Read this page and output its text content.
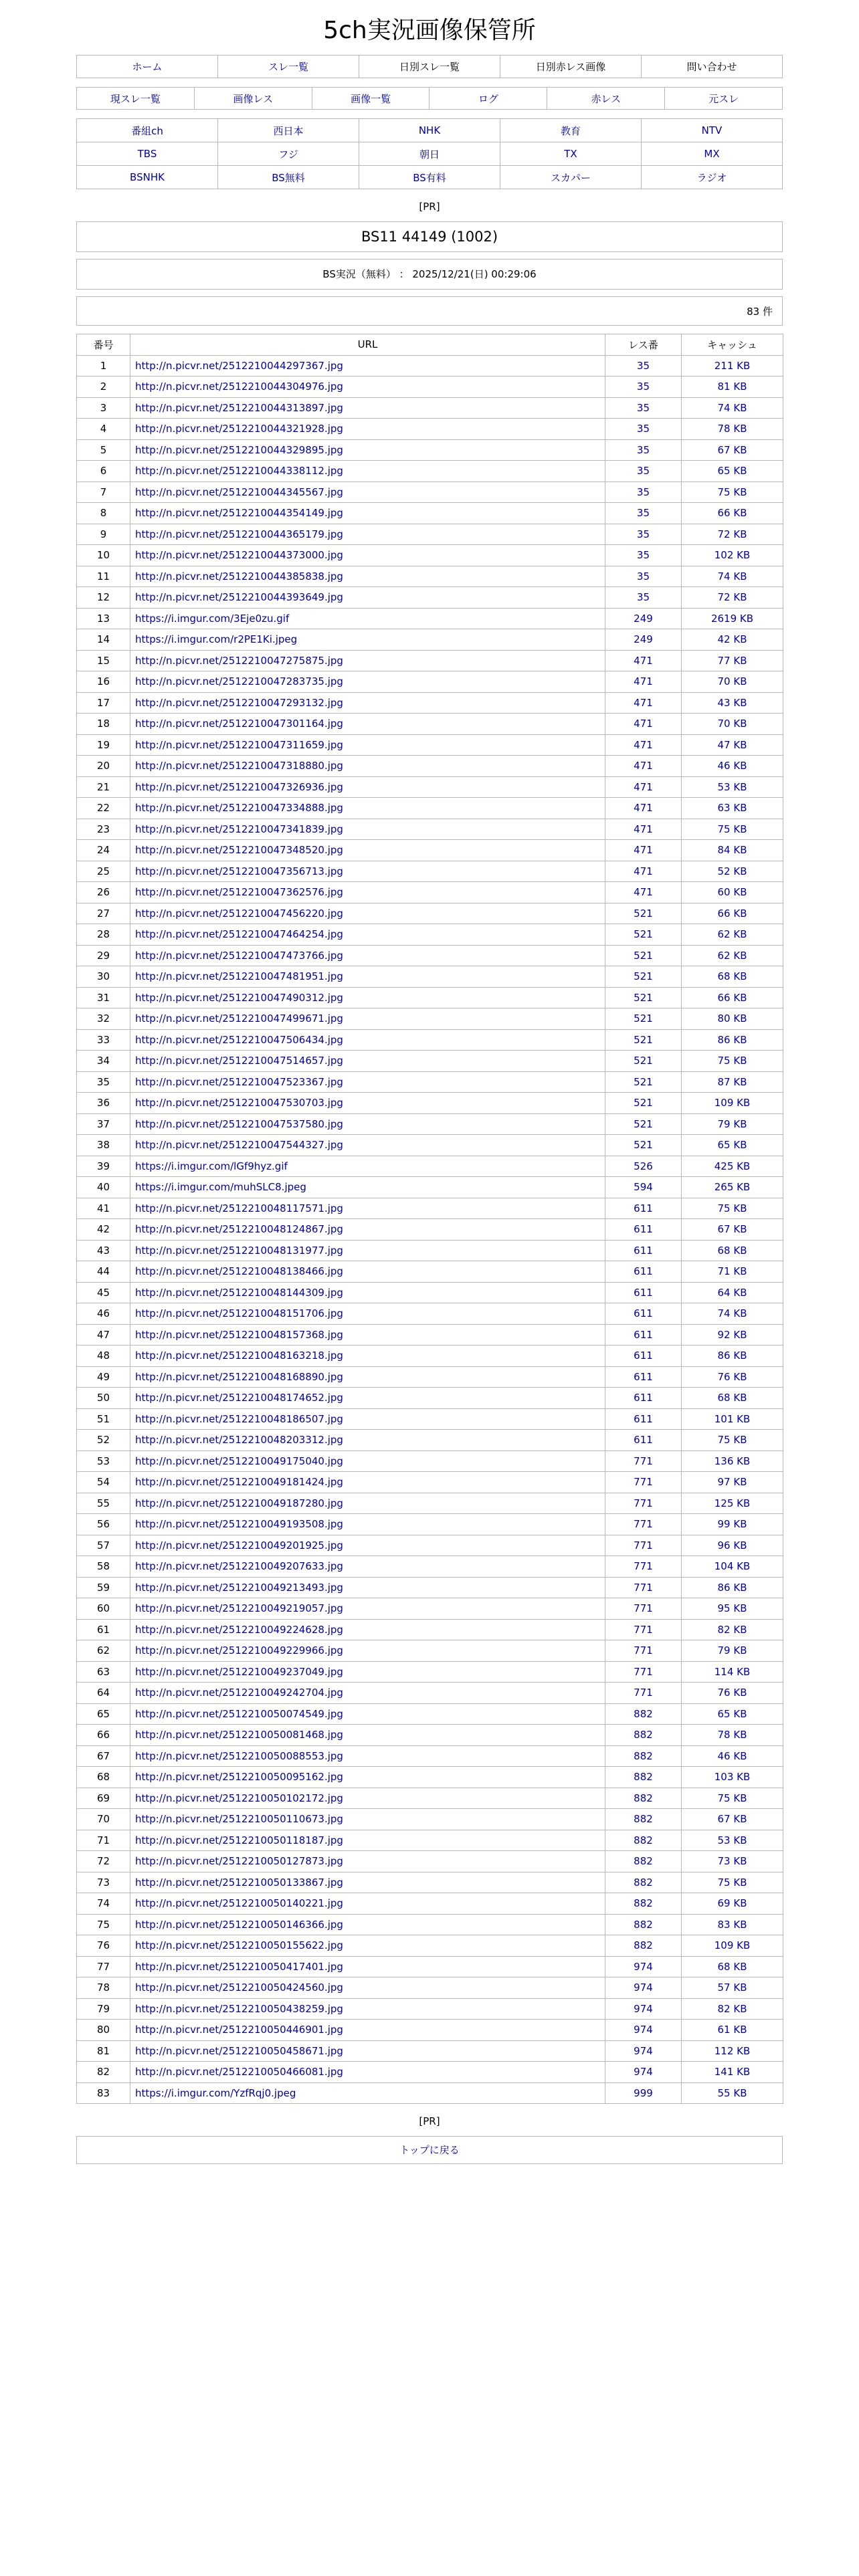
5ch実況画像保管所
ホーム	スレ一覧	日別スレ一覧	日別赤レス画像	問い合わせ
現スレ一覧	画像レス	画像一覧	ログ	赤レス	元スレ
番組ch	西日本	NHK	教育	NTV
TBS	フジ	朝日	TX	MX
BSNHK	BS無料	BS有料	スカパー	ラジオ
[PR]
BS11 44149 (1002)
BS実況（無料） ： 2025/12/21(日) 00:29:06
83 件
番号	URL	レス番	キャッシュ
1	http://n.picvr.net/2512210044297367.jpg	35	211 KB
2	http://n.picvr.net/2512210044304976.jpg	35	81 KB
3	http://n.picvr.net/2512210044313897.jpg	35	74 KB
4	http://n.picvr.net/2512210044321928.jpg	35	78 KB
5	http://n.picvr.net/2512210044329895.jpg	35	67 KB
6	http://n.picvr.net/2512210044338112.jpg	35	65 KB
7	http://n.picvr.net/2512210044345567.jpg	35	75 KB
8	http://n.picvr.net/2512210044354149.jpg	35	66 KB
9	http://n.picvr.net/2512210044365179.jpg	35	72 KB
10	http://n.picvr.net/2512210044373000.jpg	35	102 KB
11	http://n.picvr.net/2512210044385838.jpg	35	74 KB
12	http://n.picvr.net/2512210044393649.jpg	35	72 KB
13	https://i.imgur.com/3Eje0zu.gif	249	2619 KB
14	https://i.imgur.com/r2PE1Ki.jpeg	249	42 KB
15	http://n.picvr.net/2512210047275875.jpg	471	77 KB
16	http://n.picvr.net/2512210047283735.jpg	471	70 KB
17	http://n.picvr.net/2512210047293132.jpg	471	43 KB
18	http://n.picvr.net/2512210047301164.jpg	471	70 KB
19	http://n.picvr.net/2512210047311659.jpg	471	47 KB
20	http://n.picvr.net/2512210047318880.jpg	471	46 KB
21	http://n.picvr.net/2512210047326936.jpg	471	53 KB
22	http://n.picvr.net/2512210047334888.jpg	471	63 KB
23	http://n.picvr.net/2512210047341839.jpg	471	75 KB
24	http://n.picvr.net/2512210047348520.jpg	471	84 KB
25	http://n.picvr.net/2512210047356713.jpg	471	52 KB
26	http://n.picvr.net/2512210047362576.jpg	471	60 KB
27	http://n.picvr.net/2512210047456220.jpg	521	66 KB
28	http://n.picvr.net/2512210047464254.jpg	521	62 KB
29	http://n.picvr.net/2512210047473766.jpg	521	62 KB
30	http://n.picvr.net/2512210047481951.jpg	521	68 KB
31	http://n.picvr.net/2512210047490312.jpg	521	66 KB
32	http://n.picvr.net/2512210047499671.jpg	521	80 KB
33	http://n.picvr.net/2512210047506434.jpg	521	86 KB
34	http://n.picvr.net/2512210047514657.jpg	521	75 KB
35	http://n.picvr.net/2512210047523367.jpg	521	87 KB
36	http://n.picvr.net/2512210047530703.jpg	521	109 KB
37	http://n.picvr.net/2512210047537580.jpg	521	79 KB
38	http://n.picvr.net/2512210047544327.jpg	521	65 KB
39	https://i.imgur.com/lGf9hyz.gif	526	425 KB
40	https://i.imgur.com/muhSLC8.jpeg	594	265 KB
41	http://n.picvr.net/2512210048117571.jpg	611	75 KB
42	http://n.picvr.net/2512210048124867.jpg	611	67 KB
43	http://n.picvr.net/2512210048131977.jpg	611	68 KB
44	http://n.picvr.net/2512210048138466.jpg	611	71 KB
45	http://n.picvr.net/2512210048144309.jpg	611	64 KB
46	http://n.picvr.net/2512210048151706.jpg	611	74 KB
47	http://n.picvr.net/2512210048157368.jpg	611	92 KB
48	http://n.picvr.net/2512210048163218.jpg	611	86 KB
49	http://n.picvr.net/2512210048168890.jpg	611	76 KB
50	http://n.picvr.net/2512210048174652.jpg	611	68 KB
51	http://n.picvr.net/2512210048186507.jpg	611	101 KB
52	http://n.picvr.net/2512210048203312.jpg	611	75 KB
53	http://n.picvr.net/2512210049175040.jpg	771	136 KB
54	http://n.picvr.net/2512210049181424.jpg	771	97 KB
55	http://n.picvr.net/2512210049187280.jpg	771	125 KB
56	http://n.picvr.net/2512210049193508.jpg	771	99 KB
57	http://n.picvr.net/2512210049201925.jpg	771	96 KB
58	http://n.picvr.net/2512210049207633.jpg	771	104 KB
59	http://n.picvr.net/2512210049213493.jpg	771	86 KB
60	http://n.picvr.net/2512210049219057.jpg	771	95 KB
61	http://n.picvr.net/2512210049224628.jpg	771	82 KB
62	http://n.picvr.net/2512210049229966.jpg	771	79 KB
63	http://n.picvr.net/2512210049237049.jpg	771	114 KB
64	http://n.picvr.net/2512210049242704.jpg	771	76 KB
65	http://n.picvr.net/2512210050074549.jpg	882	65 KB
66	http://n.picvr.net/2512210050081468.jpg	882	78 KB
67	http://n.picvr.net/2512210050088553.jpg	882	46 KB
68	http://n.picvr.net/2512210050095162.jpg	882	103 KB
69	http://n.picvr.net/2512210050102172.jpg	882	75 KB
70	http://n.picvr.net/2512210050110673.jpg	882	67 KB
71	http://n.picvr.net/2512210050118187.jpg	882	53 KB
72	http://n.picvr.net/2512210050127873.jpg	882	73 KB
73	http://n.picvr.net/2512210050133867.jpg	882	75 KB
74	http://n.picvr.net/2512210050140221.jpg	882	69 KB
75	http://n.picvr.net/2512210050146366.jpg	882	83 KB
76	http://n.picvr.net/2512210050155622.jpg	882	109 KB
77	http://n.picvr.net/2512210050417401.jpg	974	68 KB
78	http://n.picvr.net/2512210050424560.jpg	974	57 KB
79	http://n.picvr.net/2512210050438259.jpg	974	82 KB
80	http://n.picvr.net/2512210050446901.jpg	974	61 KB
81	http://n.picvr.net/2512210050458671.jpg	974	112 KB
82	http://n.picvr.net/2512210050466081.jpg	974	141 KB
83	https://i.imgur.com/YzfRqj0.jpeg	999	55 KB
[PR]
トップに戻る
